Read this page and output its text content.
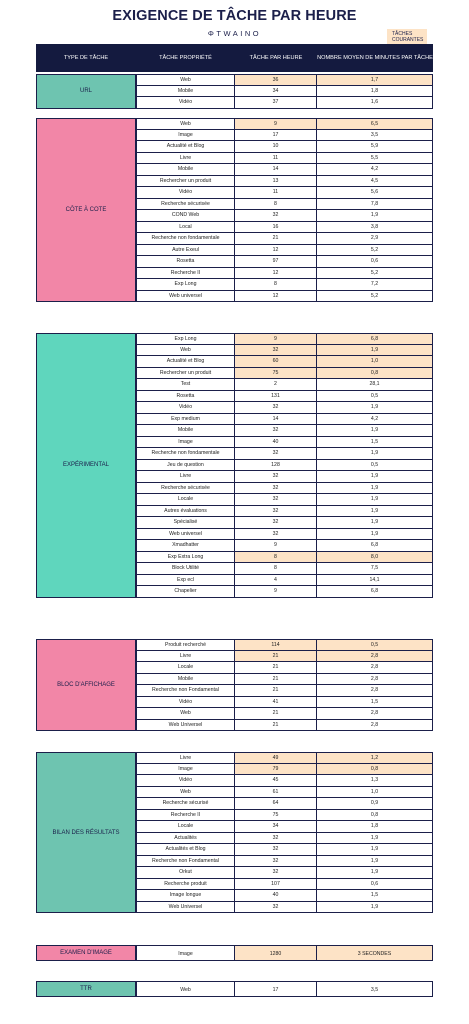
EXIGENCE DE TÂCHE PAR HEURE
ΦTWAINO	TÂCHES COURANTES
TYPE DE TÂCHE	TÂCHE PROPRIÉTÉ	TÂCHE PAR HEURE	NOMBRE MOYEN DE MINUTES PAR TÂCHE
URL
Web	36	1,7
Mobile	34	1,8
Vidéo	37	1,6
CÔTE À COTE
Web	9	6,5
Image	17	3,5
Actualité et Blog	10	5,9
Livre	11	5,5
Mobile	14	4,2
Rechercher un produit	13	4,5
Vidéo	11	5,6
Recherche sécurisée	8	7,8
COND Web	32	1,9
Local	16	3,8
Recherche non fondamentale	21	2,9
Autre Exeul	12	5,2
Rosetta	97	0,6
Recherche II	12	5,2
Exp Long	8	7,2
Web universel	12	5,2
EXPÉRIMENTAL
Exp Long	9	6,8
Web	32	1,9
Actualité et Blog	60	1,0
Rechercher un produit	75	0,8
Test	2	28,1
Rosetta	131	0,5
Vidéo	32	1,9
Exp medium	14	4,2
Mobile	32	1,9
Image	40	1,5
Recherche non fondamentale	32	1,9
Jeu de question	128	0,5
Livre	32	1,9
Recherche sécurisée	32	1,9
Locale	32	1,9
Autres évaluations	32	1,9
Spécialisé	32	1,9
Web universel	32	1,9
Xmadhatter	9	6,8
Exp Extra Long	8	8,0
Block Utilité	8	7,5
Exp ecl	4	14,1
Chapelier	9	6,8
BLOC D'AFFICHAGE
Produit recherché	114	0,5
Livre	21	2,8
Locale	21	2,8
Mobile	21	2,8
Recherche non Fondamental	21	2,8
Vidéo	41	1,5
Web	21	2,8
Web Universel	21	2,8
BILAN DES RÉSULTATS
Livre	49	1,2
Image	79	0,8
Vidéo	45	1,3
Web	61	1,0
Recherche sécurisé	64	0,9
Recherche II	75	0,8
Locale	34	1,8
Actualités	32	1,9
Actualités et Blog	32	1,9
Recherche non Fondamental	32	1,9
Orkut	32	1,9
Recherche produit	107	0,6
Image longue	40	1,5
Web Universel	32	1,9
EXAMEN D'IMAGE	Image	1280	3 SECONDES
TTR	Web	17	3,5
